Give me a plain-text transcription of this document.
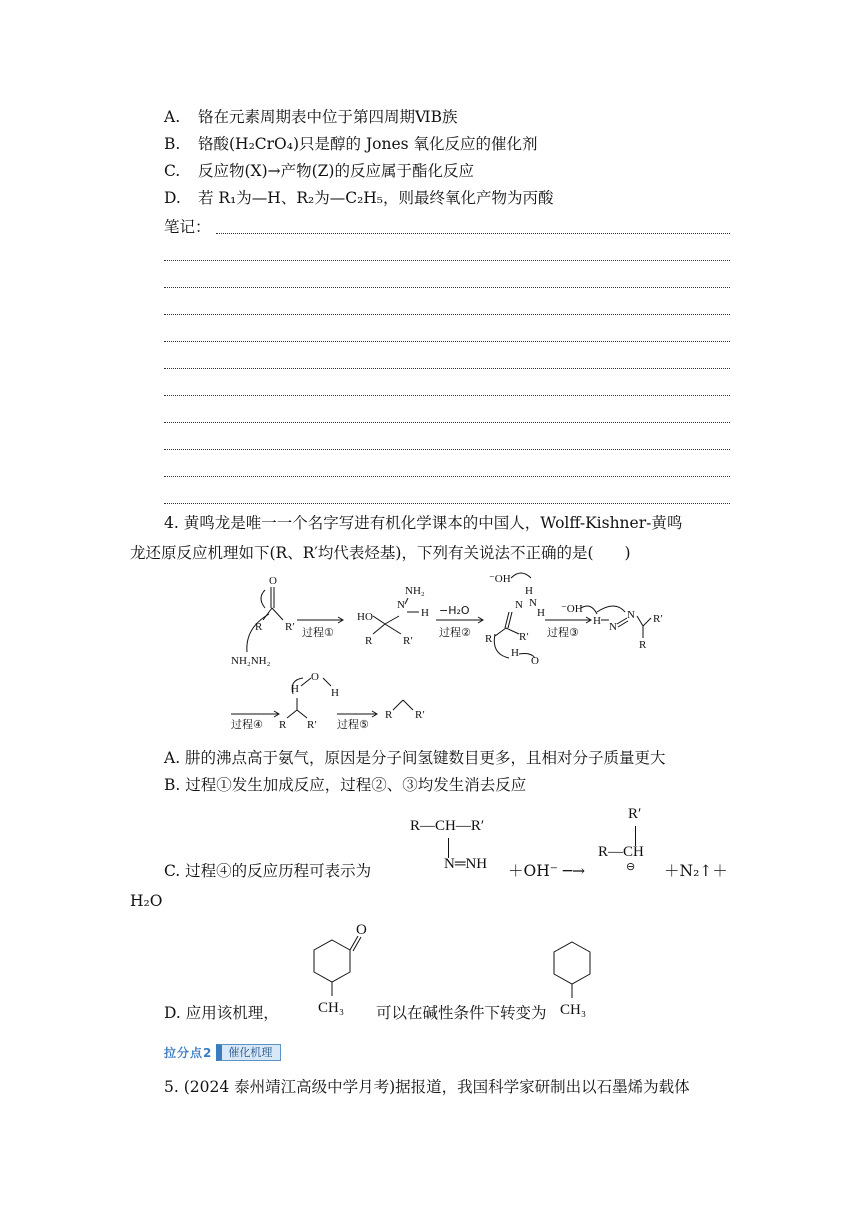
A. 铬在元素周期表中位于第四周期ⅥB族
B. 铬酸(H₂CrO₄)只是醇的 Jones 氧化反应的催化剂
C. 反应物(X)→产物(Z)的反应属于酯化反应
D. 若 R₁为—H、R₂为—C₂H₅，则最终氧化产物为丙酸
笔记：
4. 黄鸣龙是唯一一个名字写进有机化学课本的中国人，Wolff-Kishner-黄鸣
龙还原反应机理如下(R、R′均代表烃基)，下列有关说法不正确的是(　　)
O
R R′
NH₂NH₂
过程①
HO
N
NH₂
H
R	R′
−H₂O
过程②
⁻OH
H
N N
H
R R′
H
O
过程③
⁻OH
H N
N R′
R
过程④
H
O
H
R R′ 过程⑤
R R′
A. 肼的沸点高于氨气，原因是分子间氢键数目更多，且相对分子质量更大
B. 过程①发生加成反应，过程②、③均发生消去反应
C. 过程④的反应历程可表示为
R—CH—R′
N═NH ＋OH⁻ ─→
R′
R—CH
⊖ ＋N₂↑＋
H₂O
D. 应用该机理，
O
CH₃ 可以在碱性条件下转变为 CH₃
拉分点2	催化机理
5. (2024 泰州靖江高级中学月考)据报道，我国科学家研制出以石墨烯为载体
